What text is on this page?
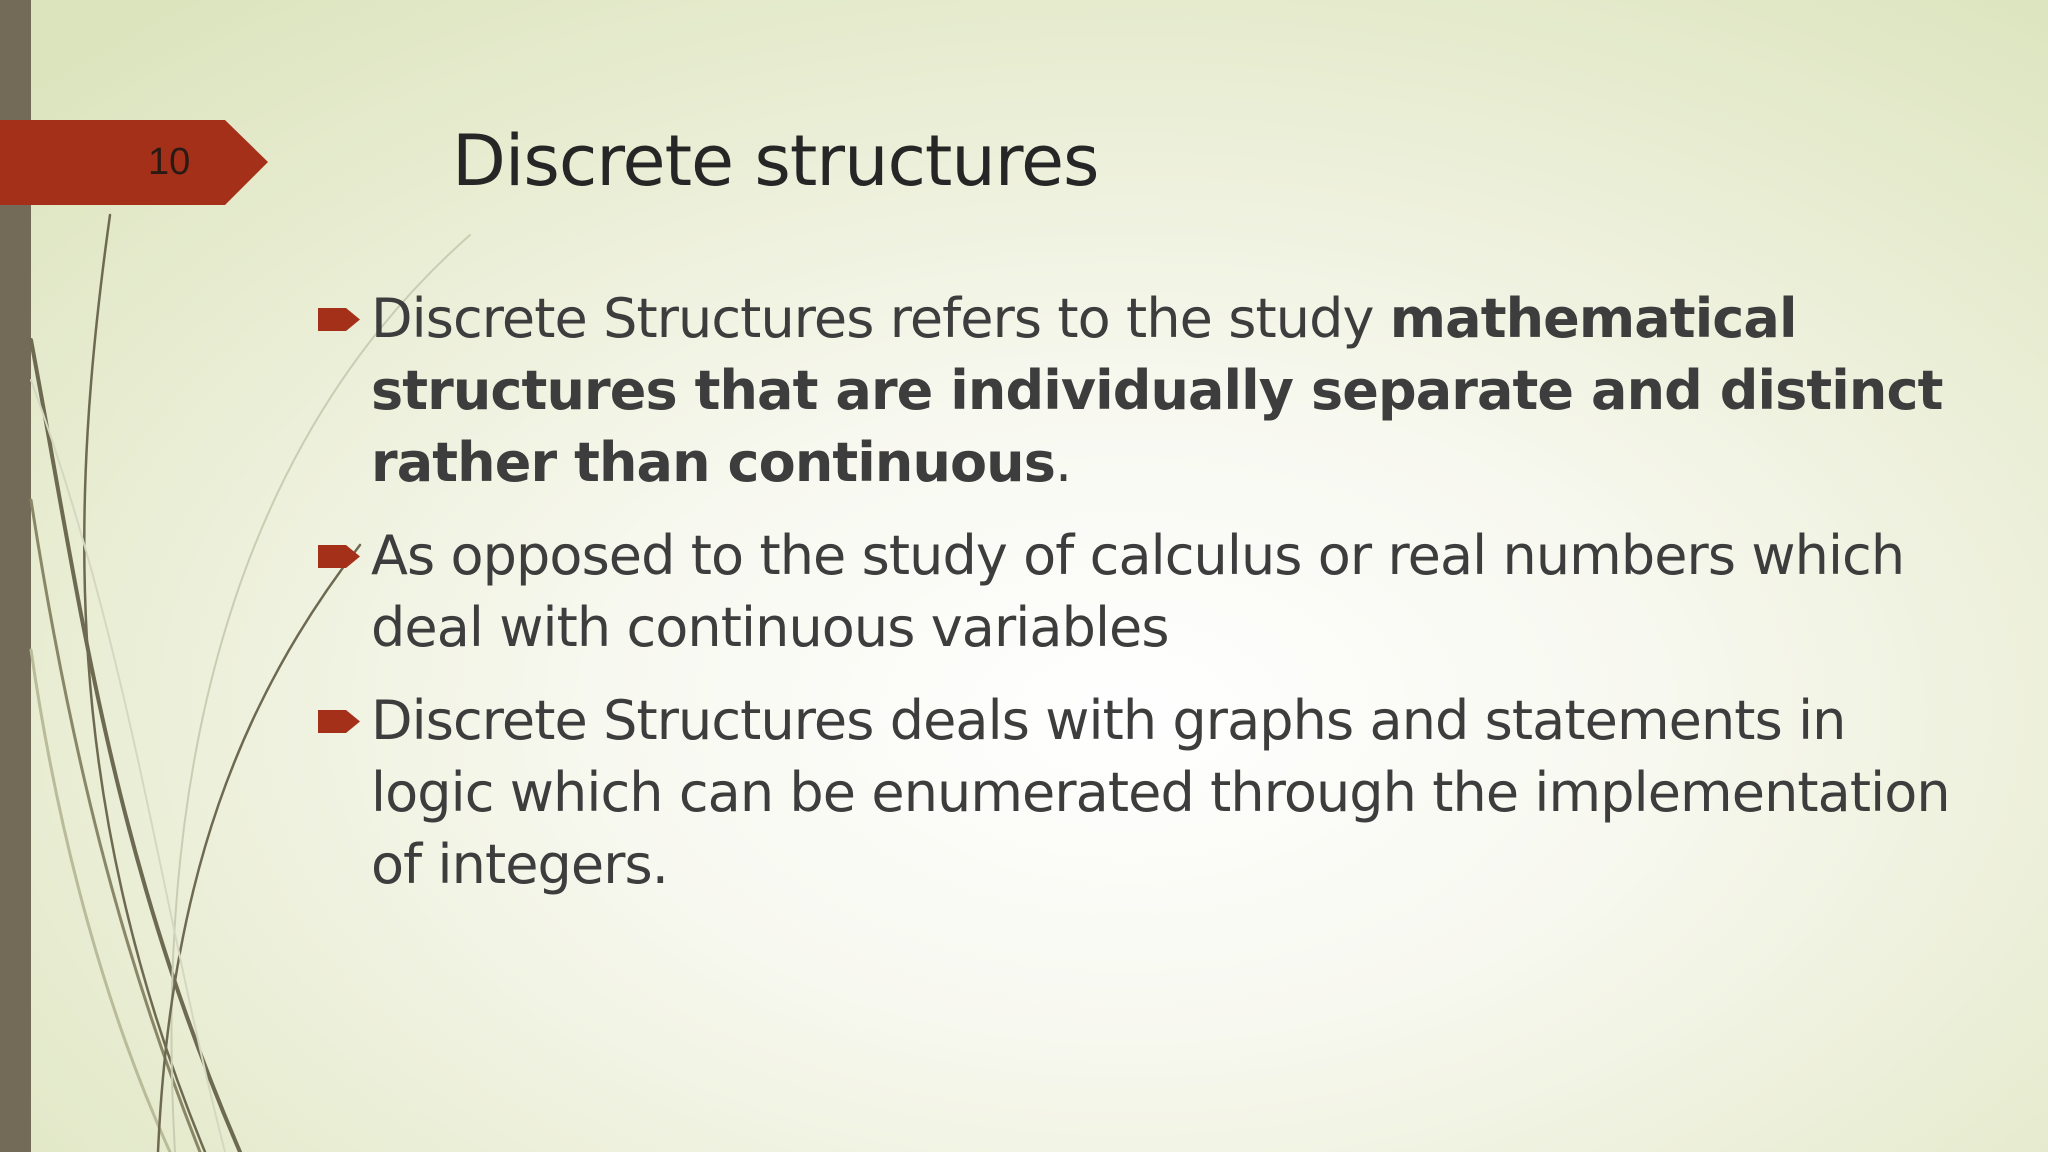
10	Discrete structures
Discrete Structures refers to the study mathematical structures that are individually separate and distinct rather than continuous.
As opposed to the study of calculus or real numbers which deal with continuous variables
Discrete Structures deals with graphs and statements in logic which can be enumerated through the implementation of integers.
